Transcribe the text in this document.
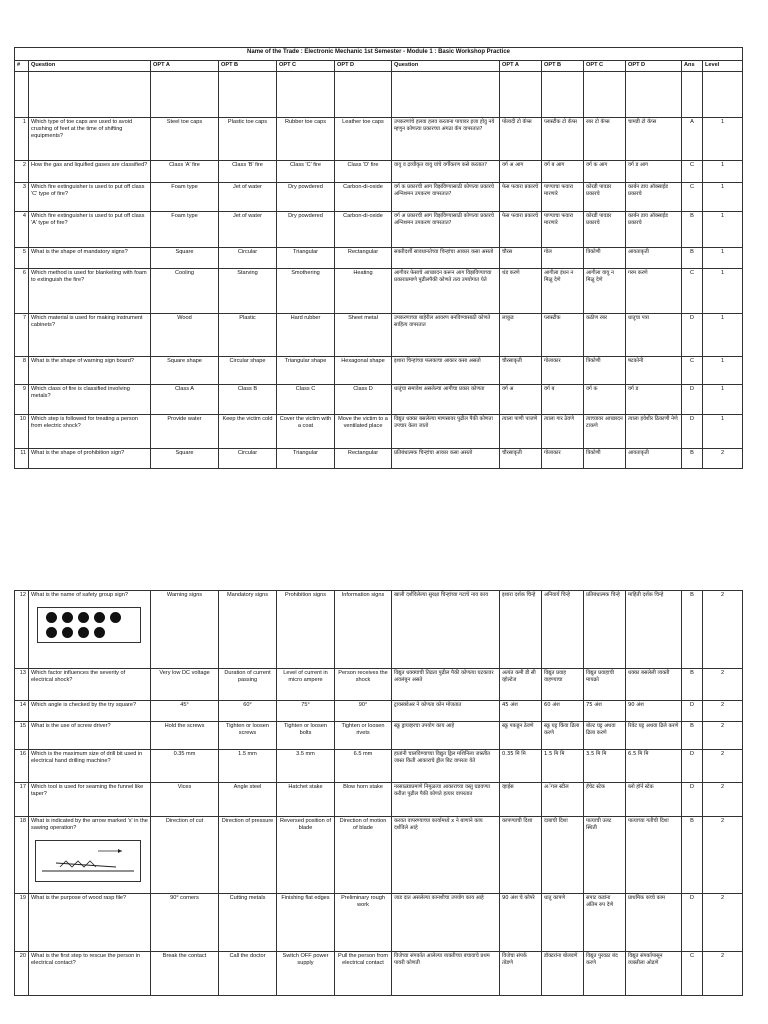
Name of the Trade : Electronic Mechanic 1st Semester - Module 1 : Basic Workshop Practice												
#	Question	OPT A	OPT B	OPT C	OPT D	Question	OPT A	OPT B	OPT C	OPT D	Ans	Level

1	Which type of toe caps are used to avoid crushing of feet at the time of shifting equipments?	Steel toe caps	Plastic toe caps	Rubber toe caps	Leather toe caps	उपकरणांचे हलवा हलव करताना पायावर इजा होवु नये म्हणुन कोणत्या प्रकारच्या अंगठा कॅप वापरतात?	पोलादी टो कॅप्स	प्लास्टीक टो कॅप्स	रबर टो कॅप्स	चामडी टो कॅप्स	A	1
2	How the gas and liquified gases are classified?	Class 'A' fire	Class 'B' fire	Class 'C' fire	Class 'D' fire	वायु व द्रव्यीकृत वायु यांचे वर्गीकरण कसे करतात?	वर्ग अ आग	वर्ग ब आग	वर्ग क आग	वर्ग ड आग	C	1
3	Which fire extinguisher is used to put off class 'C' type of fire?	Foam type	Jet of water	Dry powdered	Carbon-di-oxide	वर्ग क प्रकारची आग विझविण्यासाठी कोणत्या प्रकारचे अग्निशमन उपकरण वापरतात?	फेस फवारा प्रकारचे	पाण्याचा फवारा मारणारे	कोरडी पावडर प्रकारचे	कार्बन डाय ऑक्साईड प्रकारचे	C	1
4	Which fire extinguisher is used to put off class 'A' type of fire?	Foam type	Jet of water	Dry powdered	Carbon-di-oxide	वर्ग अ प्रकारची आग विझविण्यासाठी कोणत्या प्रकारचे अग्निशमन उपकरण वापरतात?	फेस फवारा प्रकारचे	पाण्याचा फवारा मारणारे	कोरडी पावडर प्रकारचे	कार्बन डाय ऑक्साईड प्रकारचे	B	1
5	What is the shape of mandatory signs?	Square	Circular	Triangular	Rectangular	सक्तीदर्शी सावधानतेच्या चिन्हांचा आकार कसा असतो	चौरस	गोल	त्रिकोणी	आयताकृती	B	1
6	Which method is used for blanketing with foam to extinguish the fire?	Cooling	Starving	Smothering	Heating	आगीवर फेसाचे आच्छादन करून आग विझविण्याच्या प्रकाराप्रमाणे पुढीलपैकी कोणते तत्व उपयोगात येते	थंड करणे	आगीला इंधन न मिळू देणे	आगीला वायु न मिळू देणे	गरम करणे	C	1
7	Which material is used for making instrument cabinets?	Wood	Plastic	Hard rubber	Sheet metal	उपकरणाच्या बाहेरील आवरण बनविण्यासाठी कोणते साहित्य वापरतात	लाकुड	प्लास्टीक	कठीण रबर	धातूचा पत्रा	D	1
8	What is the shape of warning sign board?	Square shape	Circular shape	Triangular shape	Hexagonal shape	इशारा चिन्हांच्या फलकाचा आकार कसा असतो	चौरसाकृती	गोलाकार	त्रिकोणी	षटकोनी	C	1
9	Which class of fire is classified involving metals?	Class A	Class B	Class C	Class D	धातूंचा समावेश असलेल्या आगीचा प्रकार कोणता	वर्ग अ	वर्ग ब	वर्ग क	वर्ग ड	D	1
10	Which step is followed for treating a person from electric shock?	Provide water	Keep the victim cold	Cover the victim with a coat	Move the victim to a ventilated place	विद्युत धक्का बसलेल्या माणसावर पुढील पैकी कोणता उपचार केला जातो	त्याला पाणी पाजणे	त्याला गार ठेवणे	त्याच्यावर आच्छादन टाकणे	त्याला हवेशीर ठिकाणी नेणे	D	1
11	What is the shape of prohibition sign?	Square	Circular	Triangular	Rectangular	प्रतिबंधात्मक चिन्हांचा आकार कसा असतो	चौरसाकृती	गोलाकार	त्रिकोणी	आयताकृती	B	2
12	What is the name of safety group sign?	Warning signs	Mandatory signs	Prohibition signs	Information signs	खाली दर्शविलेल्या सुरक्षा चिन्हांच्या गटाचे नाव काय	इशारा दर्शक चिन्हे	अनिवार्य चिन्हे	प्रतिबंधात्मक चिन्हे	माहिती दर्शक चिन्हे	B	2
13	Which factor influences the severity of electrical shock?	Very low DC voltage	Duration of current passing	Level of current in micro ampere	Person receives the shock	विद्युत धक्क्याची तिव्रता पुढील पैकी कोणत्या घटकावर अवलंबुन असते	अत्यंत कमी डी सी व्होल्टेज	विद्युत प्रवाह वाहण्याचा	विद्युत प्रवाहाची मायक्रो	धक्का बसलेली व्यक्ती	B	2
14	Which angle is checked by the try square?	45°	60°	75°	90°	ट्रायस्क्वेअर ने कोणता कोन मोजतात	45 अंश	60 अंश	75 अंश	90 अंश	D	2
15	What is the use of screw driver?	Hold the screws	Tighten or loosen screws	Tighten or loosen bolts	Tighten or loosen rivets	स्क्रू ड्रायव्हरचा उपयोग काय आहे	स्क्रू पकडून ठेवणे	स्क्रू घट्ट किंवा ढिला करणे	बोल्ट घट्ट अथवा ढिला करणे	रिवेट घट्ट अथवा ढिले करणे	B	2
16	Which is the maximum size of drill bit used in electrical hand drilling machine?	0.35 mm	1.5 mm	3.5 mm	6.5 mm	हातांनी चालविण्याच्या विद्युत ड्रिल मशिनिला जास्तीत जास्त किती आकाराचे ड्रील बिट वापरता येते	0.35 मि मि	1.5 मि मि	3.5 मि मि	6.5 मि मि	D	2
17	Which tool is used for seaming the funnel like taper?	Vices	Angle steel	Hatchet stake	Blow horn stake	नरसाळ्याप्रमाणे निमुळत्या आकाराच्या वस्तु घडवण्या करीता पुढील पैकी कोणते हत्यार वापरतात	व्हाईस	अॅगल स्टील	हॅचेट स्टेक	ब्लो हॉर्न स्टेक	D	2
18	What is indicated by the arrow marked 'x' in the sawing operation?	Direction of cut	Direction of pressure	Reversed position of blade	Direction of motion of blade	करवत वापरण्याच्या कार्यामध्ये x ने बाणाने काय दर्शविले आहे	कापण्याची दिशा	दाबाची दिशा	पात्याची उलट स्थिती	पात्याच्या गतीची दिशा	B	2
19	What is the purpose of wood rasp file?	90° corners	Cutting metals	Finishing flat edges	Preliminary rough work	जाड दात असलेल्या कानशीचा उपयोग काय आहे	90 अंश चे कोपरे	धातु कापणे	सपाट कडांना अंतिम रुप देणे	प्राथमिक कच्चे काम	D	2
20	What is the first step to rescue the person in electrical contact?	Break the contact	Call the doctor	Switch OFF power supply	Pull the person from electrical contact	विजेच्या संपर्कात आलेल्या व्यक्तीच्या बचावाचे प्रथम पायरी कोणती	विजेचा संपर्क तोडणे	डॉक्टरांना बोलवणे	विद्युत पुरवठा बंद करणे	विद्युत संपर्कापासून व्यक्तीला ओढणे	C	2
